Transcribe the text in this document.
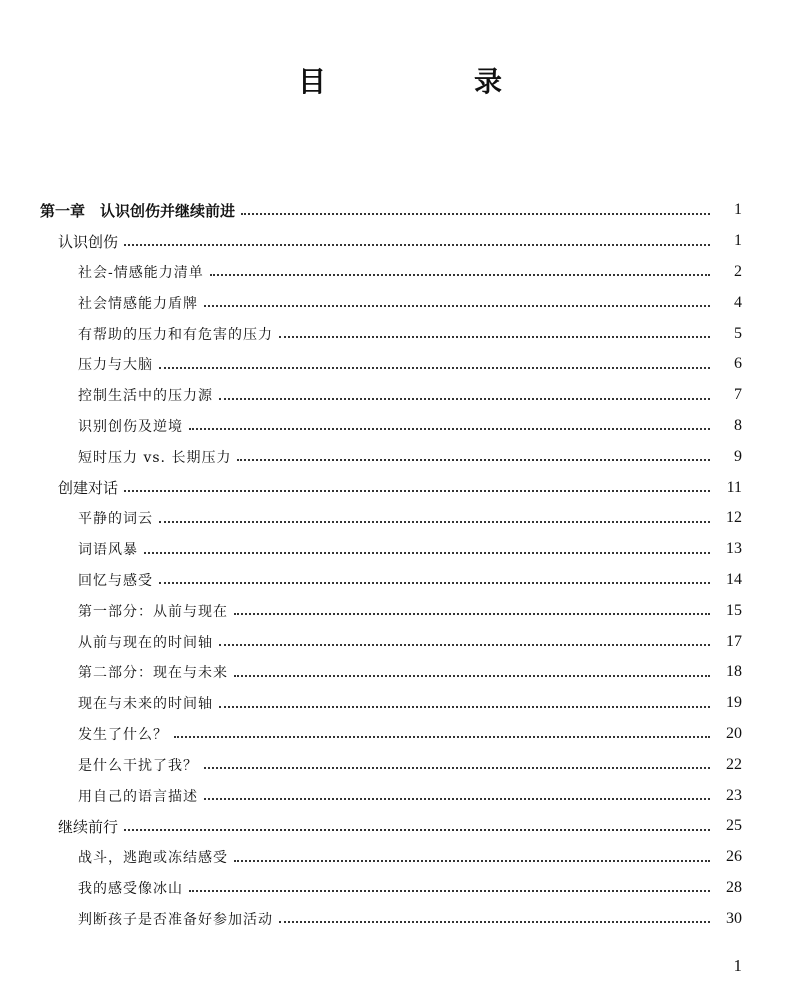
目　录
第一章　认识创伤并继续前进	1
认识创伤	1
社会-情感能力清单	2
社会情感能力盾牌	4
有帮助的压力和有危害的压力	5
压力与大脑	6
控制生活中的压力源	7
识别创伤及逆境	8
短时压力 vs. 长期压力	9
创建对话	11
平静的词云	12
词语风暴	13
回忆与感受	14
第一部分：从前与现在	15
从前与现在的时间轴	17
第二部分：现在与未来	18
现在与未来的时间轴	19
发生了什么？	20
是什么干扰了我？	22
用自己的语言描述	23
继续前行	25
战斗，逃跑或冻结感受	26
我的感受像冰山	28
判断孩子是否准备好参加活动	30
1
